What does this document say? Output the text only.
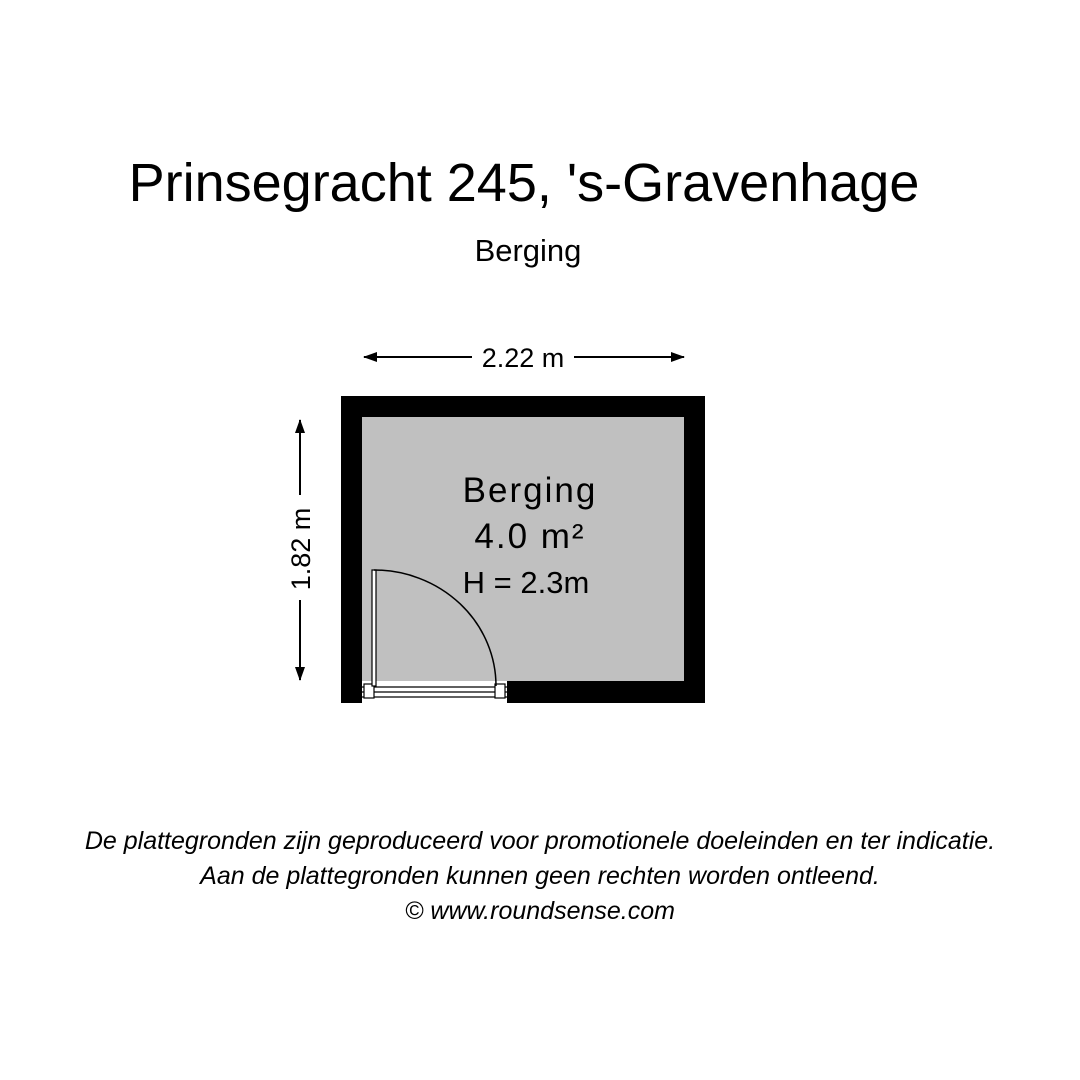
Prinsegracht 245, 's-Gravenhage
Berging
2.22 m
1.82 m
Berging
4.0 m²
H = 2.3m
De plattegronden zijn geproduceerd voor promotionele doeleinden en ter indicatie.
Aan de plattegronden kunnen geen rechten worden ontleend.
© www.roundsense.com
